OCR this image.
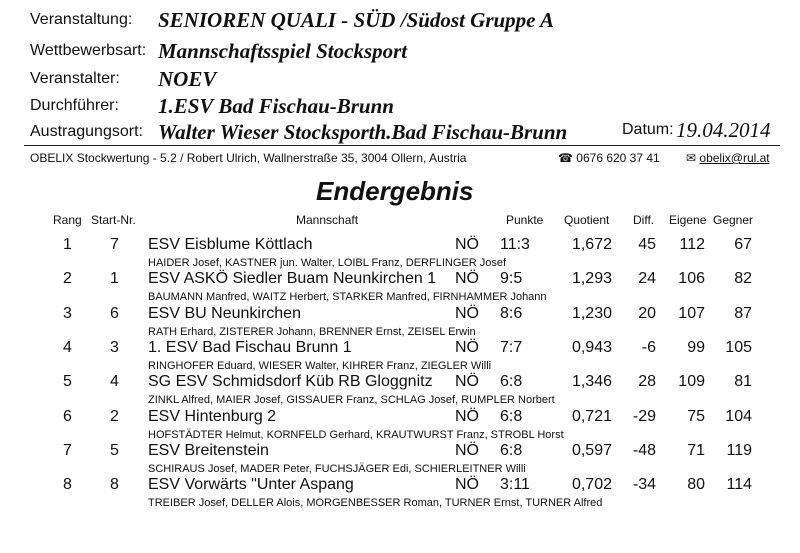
Veranstaltung: SENIOREN QUALI - SÜD /Südost Gruppe A
Wettbewerbsart: Mannschaftsspiel Stocksport
Veranstalter: NOEV
Durchführer: 1.ESV Bad Fischau-Brunn
Austragungsort: Walter Wieser Stocksporth.Bad Fischau-Brunn	Datum: 19.04.2014
OBELIX Stockwertung - 5.2 / Robert Ulrich, Wallnerstraße 35, 3004 Ollern, Austria	☎ 0676 620 37 41 ✉ obelix@rul.at
Endergebnis
Rang Start-Nr.	Mannschaft	Punkte Quotient Diff. Eigene Gegner
1 7 ESV Eisblume Köttlach	NÖ 11:3	1,672	45	112	67
HAIDER Josef, KASTNER jun. Walter, LOIBL Franz, DERFLINGER Josef
2 1 ESV ASKÖ Siedler Buam Neunkirchen 1 NÖ 9:5	1,293	24	106	82
BAUMANN Manfred, WAITZ Herbert, STARKER Manfred, FIRNHAMMER Johann
3 6 ESV BU Neunkirchen	NÖ 8:6	1,230	20	107	87
RATH Erhard, ZISTERER Johann, BRENNER Ernst, ZEISEL Erwin
4 3 1. ESV Bad Fischau Brunn 1	NÖ 7:7	0,943	-6	99	105
RINGHOFER Eduard, WIESER Walter, KIHRER Franz, ZIEGLER Willi
5 4 SG ESV Schmidsdorf Küb RB Gloggnitz NÖ 6:8	1,346	28	109	81
ZINKL Alfred, MAIER Josef, GISSAUER Franz, SCHLAG Josef, RUMPLER Norbert
6 2 ESV Hintenburg 2	NÖ 6:8	0,721	-29	75	104
HOFSTÄDTER Helmut, KORNFELD Gerhard, KRAUTWURST Franz, STROBL Horst
7 5 ESV Breitenstein	NÖ 6:8	0,597	-48	71	119
SCHIRAUS Josef, MADER Peter, FUCHSJÄGER Edi, SCHIERLEITNER Willi
8 8 ESV Vorwärts "Unter Aspang	NÖ 3:11	0,702	-34	80	114
TREIBER Josef, DELLER Alois, MORGENBESSER Roman, TURNER Ernst, TURNER Alfred
